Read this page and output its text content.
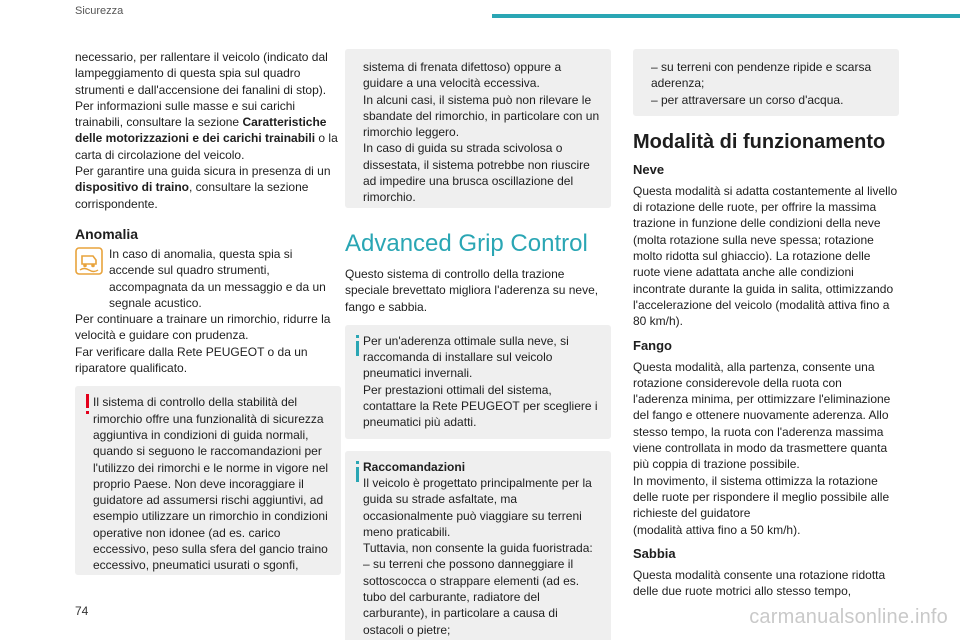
Sicurezza

necessario, per rallentare il veicolo (indicato dal lampeggiamento di questa spia sul quadro strumenti e dall'accensione dei fanalini di stop).

Per informazioni sulle masse e sui carichi trainabili, consultare la sezione Caratteristiche delle motorizzazioni e dei carichi trainabili o la carta di circolazione del veicolo.

Per garantire una guida sicura in presenza di un dispositivo di traino, consultare la sezione corrispondente.

Anomalia

In caso di anomalia, questa spia si accende sul quadro strumenti, accompagnata da un messaggio e da un segnale acustico.

Per continuare a trainare un rimorchio, ridurre la velocità e guidare con prudenza.

Far verificare dalla Rete PEUGEOT o da un riparatore qualificato.

Il sistema di controllo della stabilità del rimorchio offre una funzionalità di sicurezza aggiuntiva in condizioni di guida normali, quando si seguono le raccomandazioni per l'utilizzo dei rimorchi e le norme in vigore nel proprio Paese. Non deve incoraggiare il guidatore ad assumersi rischi aggiuntivi, ad esempio utilizzare un rimorchio in condizioni operative non idonee (ad es. carico eccessivo, peso sulla sfera del gancio traino eccessivo, pneumatici usurati o sgonfi,

sistema di frenata difettoso) oppure a guidare a una velocità eccessiva.

In alcuni casi, il sistema può non rilevare le sbandate del rimorchio, in particolare con un rimorchio leggero.

In caso di guida su strada scivolosa o dissestata, il sistema potrebbe non riuscire ad impedire una brusca oscillazione del rimorchio.

Advanced Grip Control

Questo sistema di controllo della trazione speciale brevettato migliora l'aderenza su neve, fango e sabbia.

Per un'aderenza ottimale sulla neve, si raccomanda di installare sul veicolo pneumatici invernali.

Per prestazioni ottimali del sistema, contattare la Rete PEUGEOT per scegliere i pneumatici più adatti.

Raccomandazioni

Il veicolo è progettato principalmente per la guida su strade asfaltate, ma occasionalmente può viaggiare su terreni meno praticabili.

Tuttavia, non consente la guida fuoristrada:

– su terreni che possono danneggiare il sottoscocca o strappare elementi (ad es. tubo del carburante, radiatore del carburante), in particolare a causa di ostacoli o pietre;

– su terreni con pendenze ripide e scarsa aderenza;

– per attraversare un corso d'acqua.

Modalità di funzionamento
Neve

Questa modalità si adatta costantemente al livello di rotazione delle ruote, per offrire la massima trazione in funzione delle condizioni della neve (molta rotazione sulla neve spessa; rotazione molto ridotta sul ghiaccio). La rotazione delle ruote viene adattata anche alle condizioni incontrate durante la guida in salita, ottimizzando l'accelerazione del veicolo (modalità attiva fino a 80 km/h).

Fango

Questa modalità, alla partenza, consente una rotazione considerevole della ruota con l'aderenza minima, per ottimizzare l'eliminazione del fango e ottenere nuovamente aderenza. Allo stesso tempo, la ruota con l'aderenza massima viene controllata in modo da trasmettere quanta più coppia di trazione possibile.

In movimento, il sistema ottimizza la rotazione delle ruote per rispondere il meglio possibile alle richieste del guidatore

(modalità attiva fino a 50 km/h).

Sabbia

Questa modalità consente una rotazione ridotta delle due ruote motrici allo stesso tempo,

74	carmanualsonline.info
